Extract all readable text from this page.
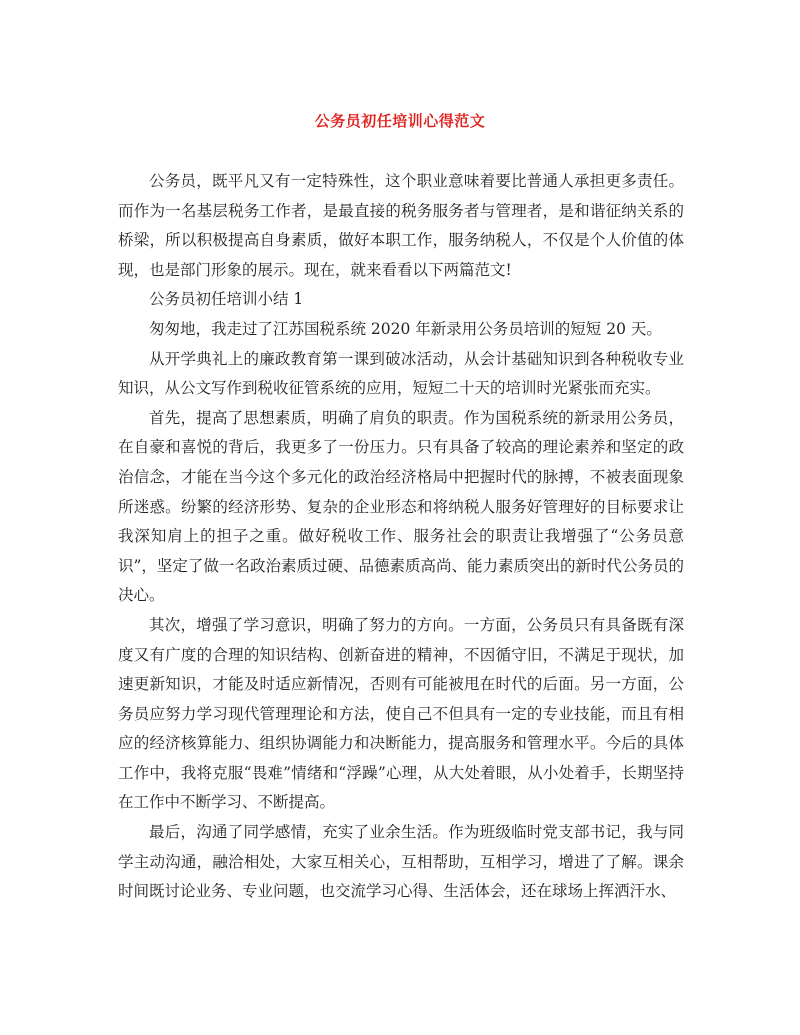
公务员初任培训心得范文

公务员，既平凡又有一定特殊性，这个职业意味着要比普通人承担更多责任。而作为一名基层税务工作者，是最直接的税务服务者与管理者，是和谐征纳关系的桥梁，所以积极提高自身素质，做好本职工作，服务纳税人，不仅是个人价值的体现，也是部门形象的展示。现在，就来看看以下两篇范文!

公务员初任培训小结 1

匆匆地，我走过了江苏国税系统 2020 年新录用公务员培训的短短 20 天。

从开学典礼上的廉政教育第一课到破冰活动，从会计基础知识到各种税收专业知识，从公文写作到税收征管系统的应用，短短二十天的培训时光紧张而充实。

首先，提高了思想素质，明确了肩负的职责。作为国税系统的新录用公务员，在自豪和喜悦的背后，我更多了一份压力。只有具备了较高的理论素养和坚定的政治信念，才能在当今这个多元化的政治经济格局中把握时代的脉搏，不被表面现象所迷惑。纷繁的经济形势、复杂的企业形态和将纳税人服务好管理好的目标要求让我深知肩上的担子之重。做好税收工作、服务社会的职责让我增强了“公务员意识”，坚定了做一名政治素质过硬、品德素质高尚、能力素质突出的新时代公务员的决心。

其次，增强了学习意识，明确了努力的方向。一方面，公务员只有具备既有深度又有广度的合理的知识结构、创新奋进的精神，不因循守旧，不满足于现状，加速更新知识，才能及时适应新情况，否则有可能被甩在时代的后面。另一方面，公务员应努力学习现代管理理论和方法，使自己不但具有一定的专业技能，而且有相应的经济核算能力、组织协调能力和决断能力，提高服务和管理水平。今后的具体工作中，我将克服“畏难”情绪和“浮躁”心理，从大处着眼，从小处着手，长期坚持在工作中不断学习、不断提高。

最后，沟通了同学感情，充实了业余生活。作为班级临时党支部书记，我与同学主动沟通，融洽相处，大家互相关心，互相帮助，互相学习，增进了了解。课余时间既讨论业务、专业问题，也交流学习心得、生活体会，还在球场上挥洒汗水、
